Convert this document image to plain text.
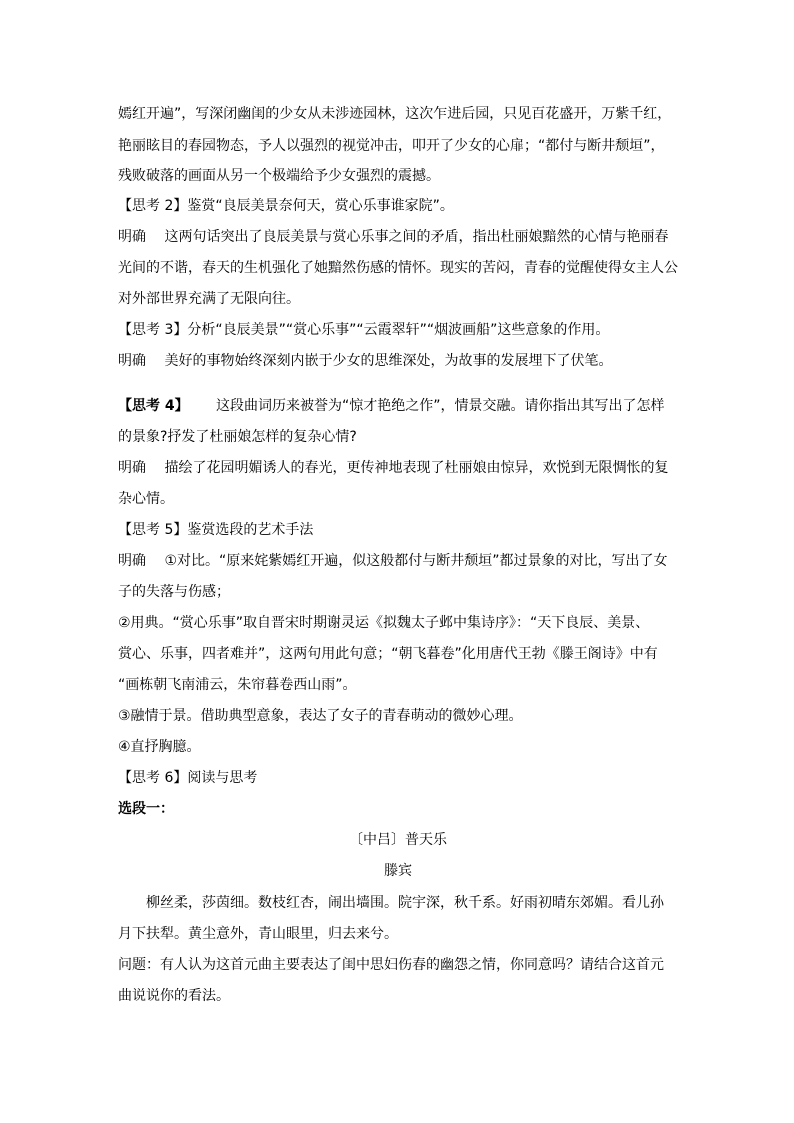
嫣红开遍”，写深闭幽闺的少女从未涉迹园林，这次乍进后园，只见百花盛开，万紫千红，
艳丽眩目的春园物态，予人以强烈的视觉冲击，叩开了少女的心扉；“都付与断井颓垣”，
残败破落的画面从另一个极端给予少女强烈的震撼。
【思考 2】鉴赏“良辰美景奈何天，赏心乐事谁家院”。
明确　 这两句话突出了良辰美景与赏心乐事之间的矛盾，指出杜丽娘黯然的心情与艳丽春
光间的不谐，春天的生机强化了她黯然伤感的情怀。现实的苦闷，青春的觉醒使得女主人公
对外部世界充满了无限向往。
【思考 3】分析“良辰美景”“赏心乐事”“云霞翠轩”“烟波画船”这些意象的作用。
明确　 美好的事物始终深刻内嵌于少女的思维深处，为故事的发展埋下了伏笔。
【思考 4】 这段曲词历来被誉为“惊才艳绝之作”，情景交融。请你指出其写出了怎样
的景象?抒发了杜丽娘怎样的复杂心情?
明确　 描绘了花园明媚诱人的春光，更传神地表现了杜丽娘由惊异，欢悦到无限惆怅的复
杂心情。
【思考 5】鉴赏选段的艺术手法
明确　 ①对比。“原来姹紫嫣红开遍，似这般都付与断井颓垣”都过景象的对比，写出了女
子的失落与伤感；
②用典。“赏心乐事”取自晋宋时期谢灵运《拟魏太子邺中集诗序》：“天下良辰、美景、
赏心、乐事，四者难并”，这两句用此句意；“朝飞暮卷”化用唐代王勃《滕王阁诗》中有
“画栋朝飞南浦云，朱帘暮卷西山雨”。
③融情于景。借助典型意象，表达了女子的青春萌动的微妙心理。
④直抒胸臆。
【思考 6】阅读与思考
选段一：
〔中吕〕普天乐
滕宾
柳丝柔，莎茵细。数枝红杏，闹出墙围。院宇深，秋千系。好雨初晴东郊媚。看儿孙
月下扶犁。黄尘意外，青山眼里，归去来兮。
问题：有人认为这首元曲主要表达了闺中思妇伤春的幽怨之情，你同意吗？请结合这首元
曲说说你的看法。
